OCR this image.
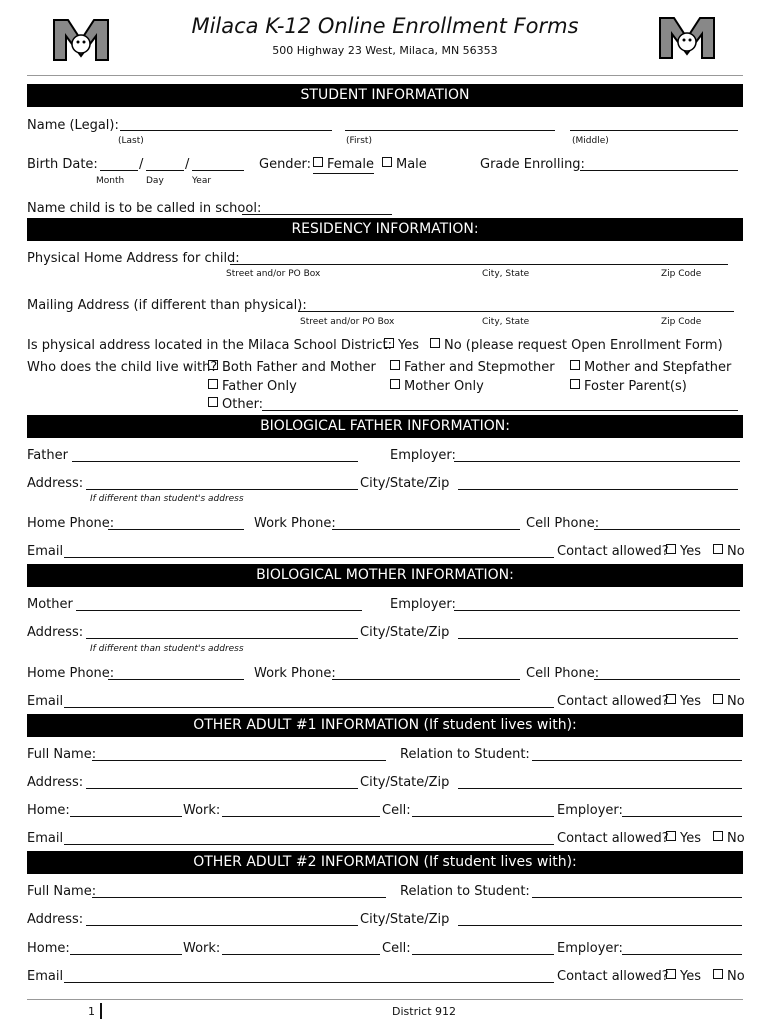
Milaca K-12 Online Enrollment Forms
500 Highway 23 West, Milaca, MN 56353
STUDENT INFORMATION
Name (Legal):
(Last)	(First)	(Middle)
Birth Date:	/	/
Month Day	Year
Gender:	Female	Male	Grade Enrolling:
Name child is to be called in school:
RESIDENCY INFORMATION:
Physical Home Address for child:
Street and/or PO Box	City, State	Zip Code
Mailing Address (if different than physical):
Street and/or PO Box	City, State	Zip Code
Is physical address located in the Milaca School District: Yes	No (please request Open Enrollment Form)
Who does the child live with? Both Father and Mother	Father and Stepmother	Mother and Stepfather
Father Only	Mother Only	Foster Parent(s)
Other:
BIOLOGICAL FATHER INFORMATION:
Father	Employer:
Address:	City/State/Zip
If different than student's address
Home Phone:	Work Phone:	Cell Phone:
Email	Contact allowed? Yes	No
BIOLOGICAL MOTHER INFORMATION:
Mother	Employer:
Address:	City/State/Zip
If different than student's address
Home Phone:	Work Phone:	Cell Phone:
Email	Contact allowed? Yes	No
OTHER ADULT #1 INFORMATION (If student lives with):
Full Name:	Relation to Student:
Address:	City/State/Zip
Home:	Work:	Cell:	Employer:
Email	Contact allowed? Yes	No
OTHER ADULT #2 INFORMATION (If student lives with):
Full Name:	Relation to Student:
Address:	City/State/Zip
Home:	Work:	Cell:	Employer:
Email	Contact allowed? Yes	No
1	District 912
